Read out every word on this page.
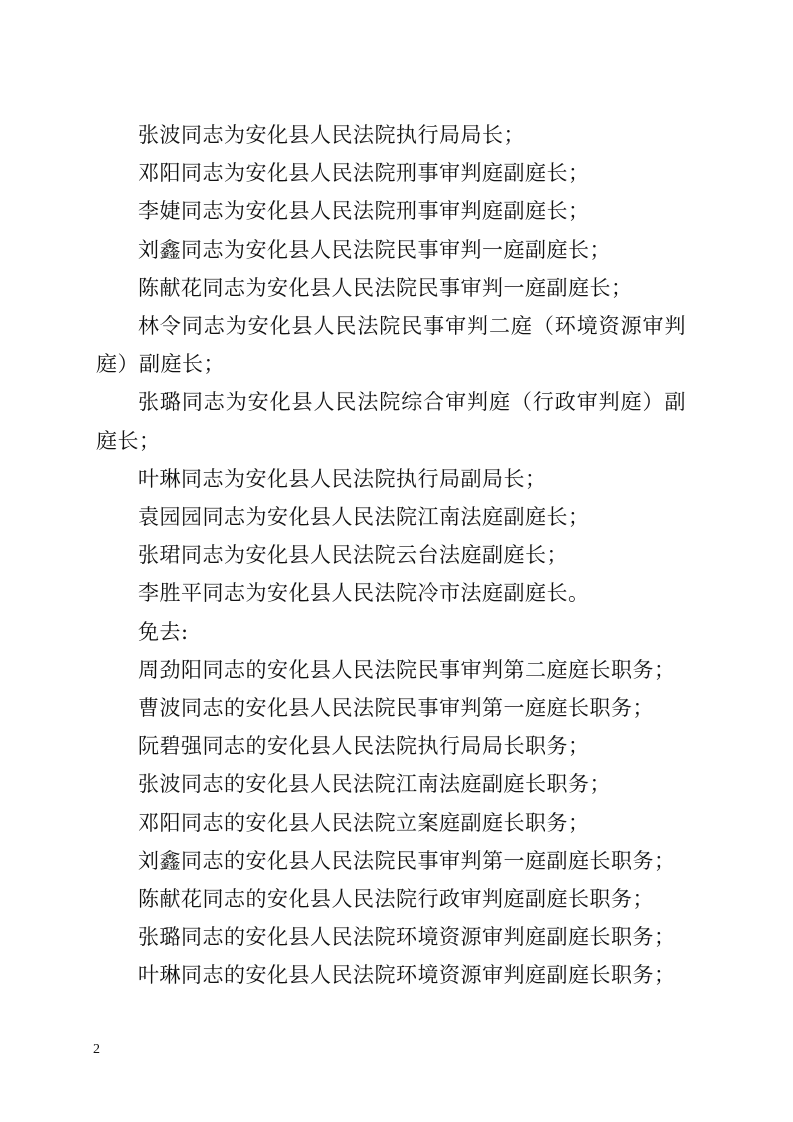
张波同志为安化县人民法院执行局局长；

邓阳同志为安化县人民法院刑事审判庭副庭长；

李婕同志为安化县人民法院刑事审判庭副庭长；

刘鑫同志为安化县人民法院民事审判一庭副庭长；

陈献花同志为安化县人民法院民事审判一庭副庭长；

林令同志为安化县人民法院民事审判二庭（环境资源审判庭）副庭长；

张璐同志为安化县人民法院综合审判庭（行政审判庭）副庭长；

叶琳同志为安化县人民法院执行局副局长；

袁园园同志为安化县人民法院江南法庭副庭长；

张珺同志为安化县人民法院云台法庭副庭长；

李胜平同志为安化县人民法院冷市法庭副庭长。

免去:

周劲阳同志的安化县人民法院民事审判第二庭庭长职务；

曹波同志的安化县人民法院民事审判第一庭庭长职务；

阮碧强同志的安化县人民法院执行局局长职务；

张波同志的安化县人民法院江南法庭副庭长职务；

邓阳同志的安化县人民法院立案庭副庭长职务；

刘鑫同志的安化县人民法院民事审判第一庭副庭长职务；

陈献花同志的安化县人民法院行政审判庭副庭长职务；

张璐同志的安化县人民法院环境资源审判庭副庭长职务；

叶琳同志的安化县人民法院环境资源审判庭副庭长职务；

2
